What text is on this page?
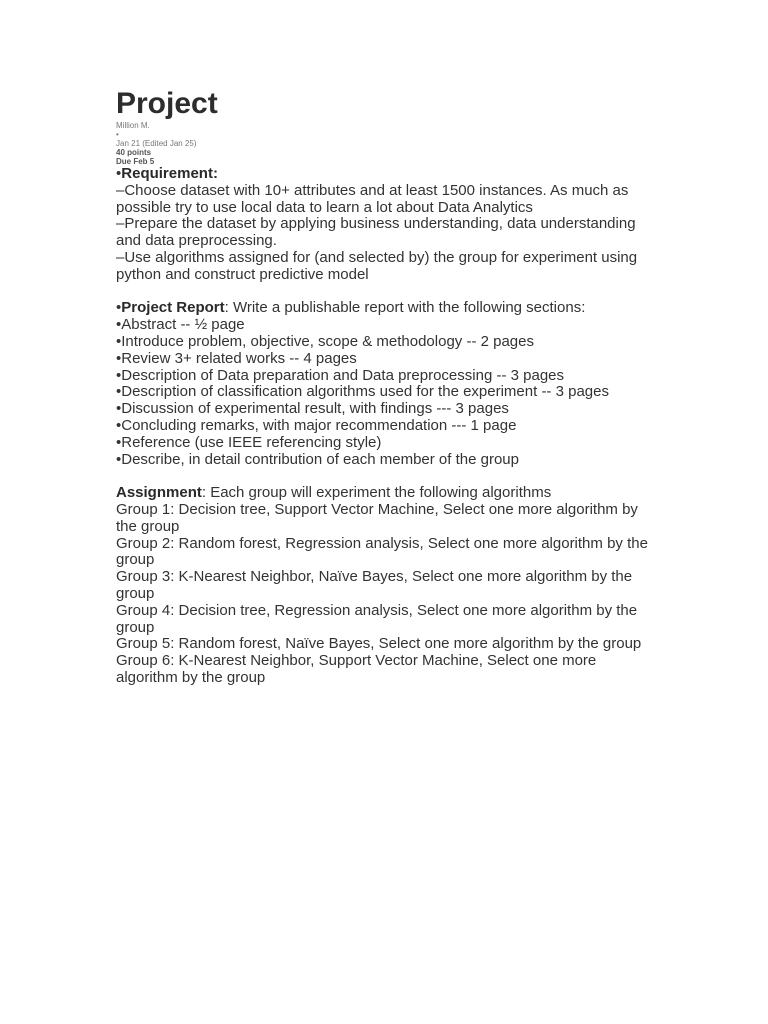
Project
Million M.
•
Jan 21 (Edited Jan 25)
40 points
Due Feb 5
•Requirement:
–Choose dataset with 10+ attributes and at least 1500 instances. As much as possible try to use local data to learn a lot about Data Analytics
–Prepare the dataset by applying business understanding, data understanding and data preprocessing.
–Use algorithms assigned for (and selected by) the group for experiment using python and construct predictive model
•Project Report: Write a publishable report with the following sections:
•Abstract -- ½ page
•Introduce problem, objective, scope & methodology -- 2 pages
•Review 3+ related works -- 4 pages
•Description of Data preparation and Data preprocessing -- 3 pages
•Description of classification algorithms used for the experiment -- 3 pages
•Discussion of experimental result, with findings --- 3 pages
•Concluding remarks, with major recommendation --- 1 page
•Reference (use IEEE referencing style)
•Describe, in detail contribution of each member of the group
Assignment: Each group will experiment the following algorithms
Group 1: Decision tree, Support Vector Machine, Select one more algorithm by the group
Group 2: Random forest, Regression analysis, Select one more algorithm by the group
Group 3: K-Nearest Neighbor, Naïve Bayes, Select one more algorithm by the group
Group 4: Decision tree, Regression analysis, Select one more algorithm by the group
Group 5: Random forest, Naïve Bayes, Select one more algorithm by the group
Group 6: K-Nearest Neighbor, Support Vector Machine, Select one more algorithm by the group
